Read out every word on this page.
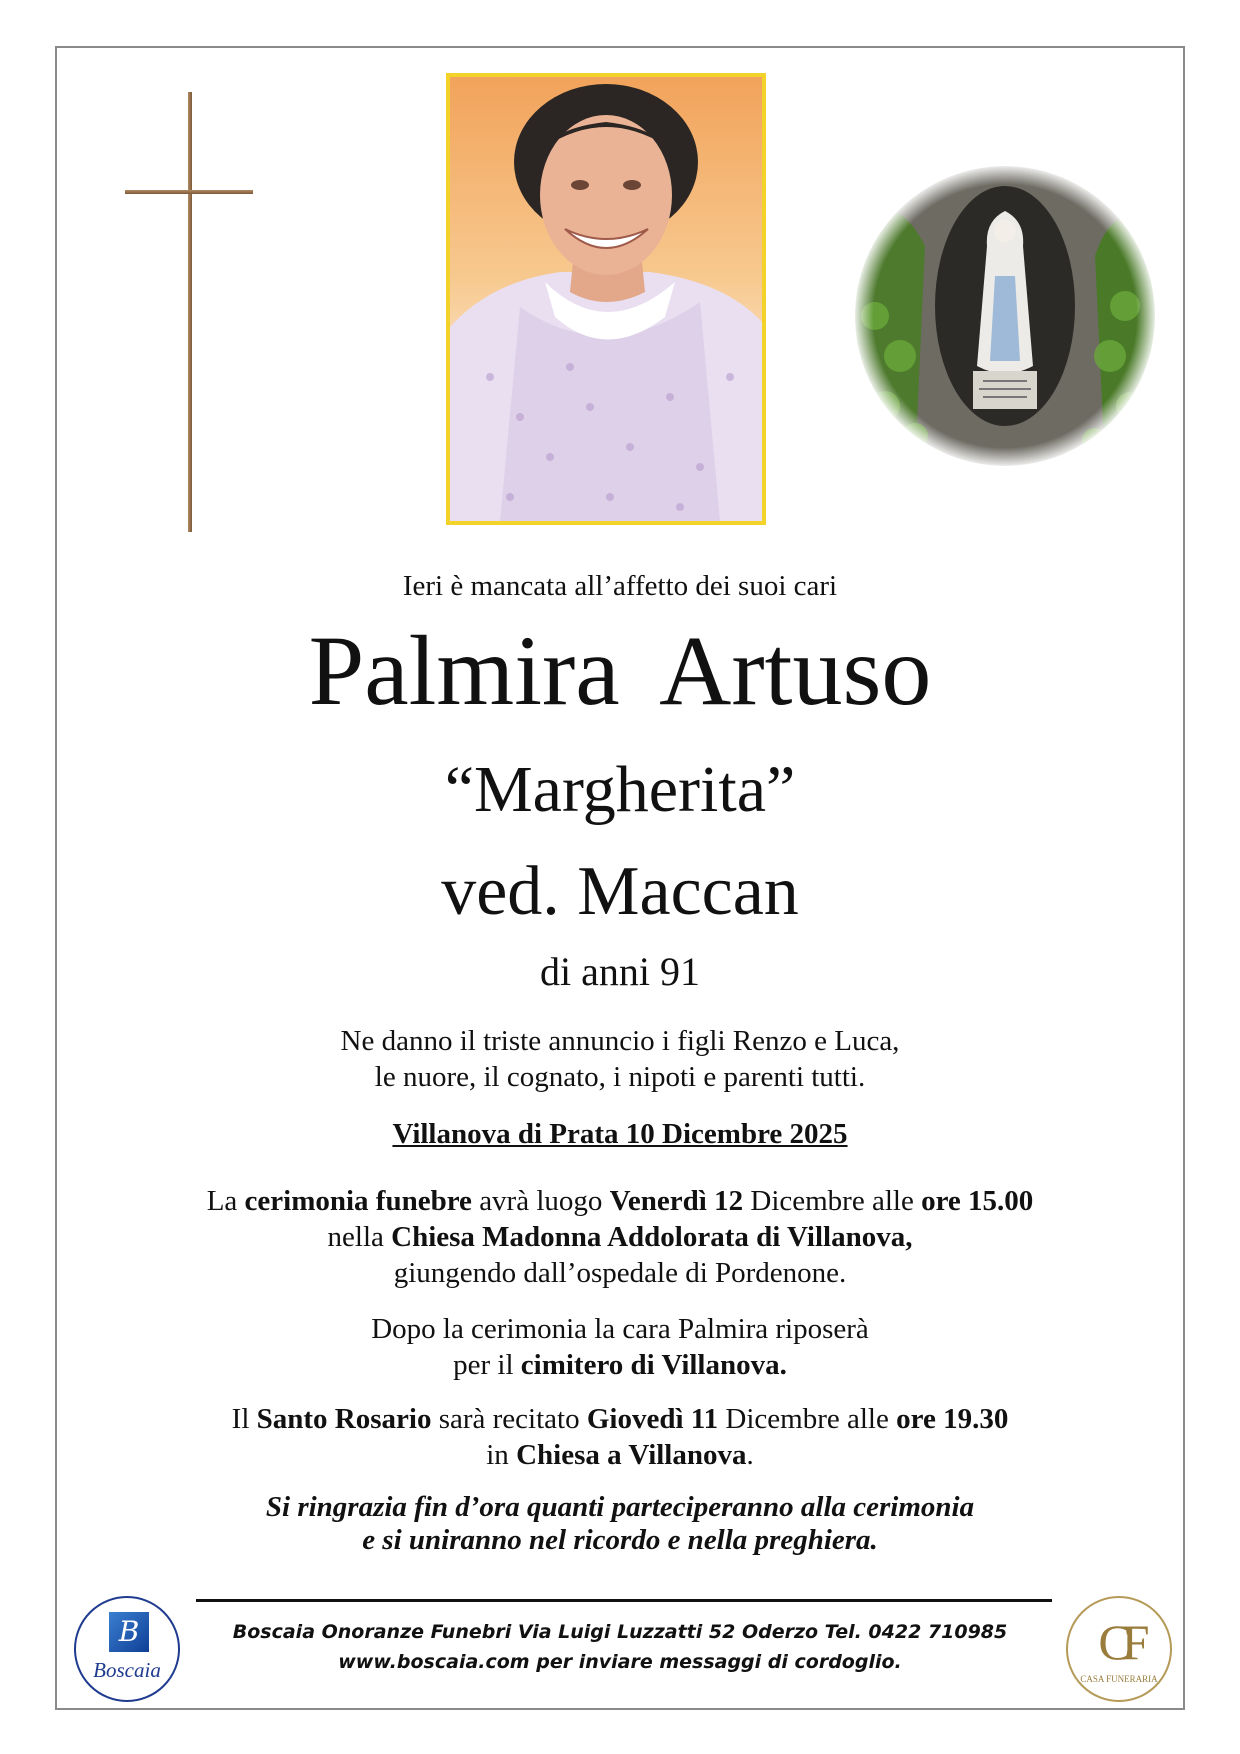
Ieri è mancata all’affetto dei suoi cari
Palmira Artuso
“Margherita”
ved. Maccan
di anni 91
Ne danno il triste annuncio i figli Renzo e Luca,
le nuore, il cognato, i nipoti e parenti tutti.
Villanova di Prata 10 Dicembre 2025
La cerimonia funebre avrà luogo Venerdì 12 Dicembre alle ore 15.00
nella Chiesa Madonna Addolorata di Villanova,
giungendo dall’ospedale di Pordenone.
Dopo la cerimonia la cara Palmira riposerà
per il cimitero di Villanova.
Il Santo Rosario sarà recitato Giovedì 11 Dicembre alle ore 19.30
in Chiesa a Villanova.
Si ringrazia fin d’ora quanti parteciperanno alla cerimonia
e si uniranno nel ricordo e nella preghiera.
Boscaia Onoranze Funebri Via Luigi Luzzatti 52 Oderzo Tel. 0422 710985
www.boscaia.com per inviare messaggi di cordoglio.
B
Boscaia	CF
CASA FUNERARIA
